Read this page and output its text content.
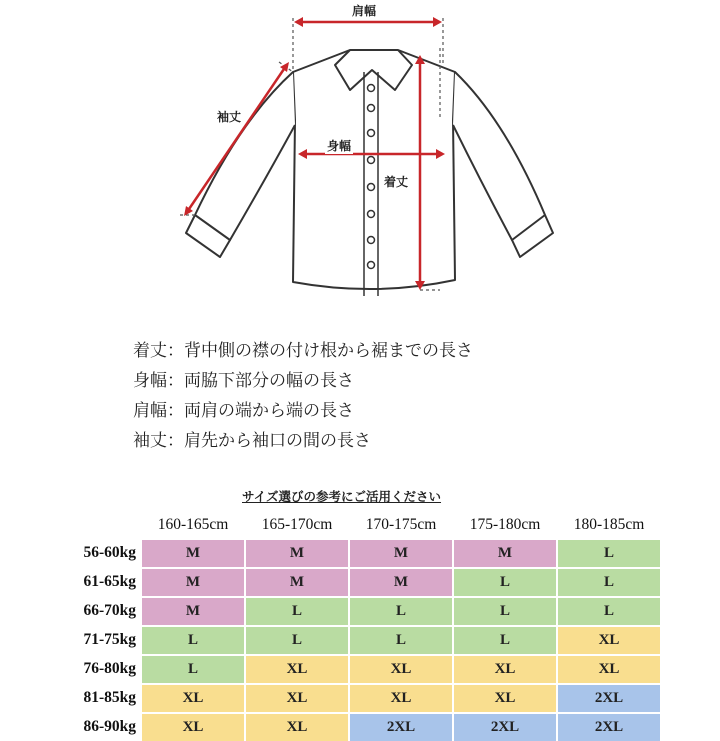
肩幅
袖丈
身幅
着丈
着丈：背中側の襟の付け根から裾までの長さ
身幅：両脇下部分の幅の長さ
肩幅：両肩の端から端の長さ
袖丈：肩先から袖口の間の長さ
サイズ選びの参考にご活用ください
	160-165cm	165-170cm	170-175cm	175-180cm	180-185cm
56-60kg	M	M	M	M	L
61-65kg	M	M	M	L	L
66-70kg	M	L	L	L	L
71-75kg	L	L	L	L	XL
76-80kg	L	XL	XL	XL	XL
81-85kg	XL	XL	XL	XL	2XL
86-90kg	XL	XL	2XL	2XL	2XL
